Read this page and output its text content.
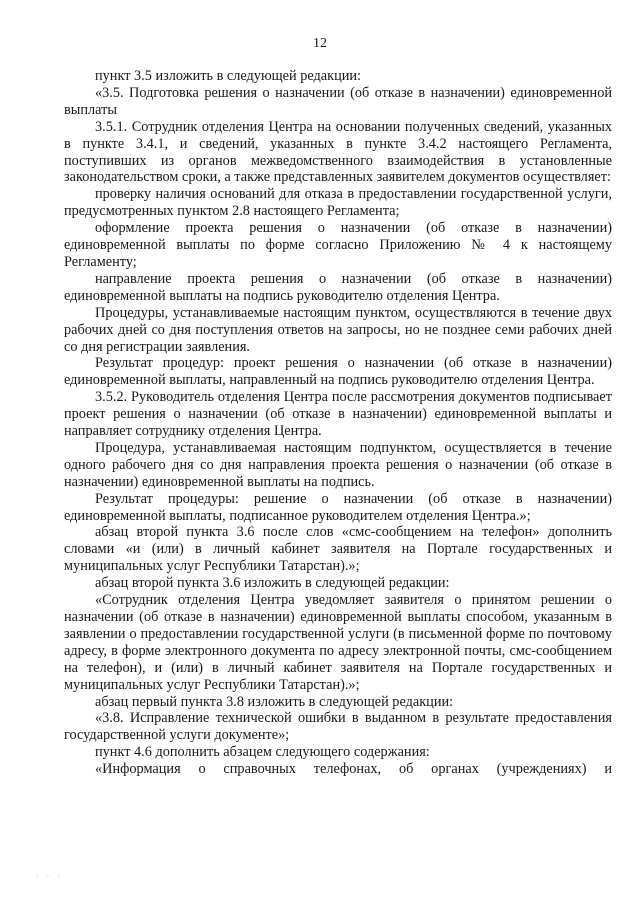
12

пункт 3.5 изложить в следующей редакции:

«3.5. Подготовка решения о назначении (об отказе в назначении) единовременной выплаты

3.5.1. Сотрудник отделения Центра на основании полученных сведений, указанных в пункте 3.4.1, и сведений, указанных в пункте 3.4.2 настоящего Регламента, поступивших из органов межведомственного взаимодействия в установленные законодательством сроки, а также представленных заявителем документов осуществляет:

проверку наличия оснований для отказа в предоставлении государственной услуги, предусмотренных пунктом 2.8 настоящего Регламента;

оформление проекта решения о назначении (об отказе в назначении) единовременной выплаты по форме согласно Приложению № 4 к настоящему Регламенту;

направление проекта решения о назначении (об отказе в назначении) единовременной выплаты на подпись руководителю отделения Центра.

Процедуры, устанавливаемые настоящим пунктом, осуществляются в течение двух рабочих дней со дня поступления ответов на запросы, но не позднее семи рабочих дней со дня регистрации заявления.

Результат процедур: проект решения о назначении (об отказе в назначении) единовременной выплаты, направленный на подпись руководителю отделения Центра.

3.5.2. Руководитель отделения Центра после рассмотрения документов подписывает проект решения о назначении (об отказе в назначении) единовременной выплаты и направляет сотруднику отделения Центра.

Процедура, устанавливаемая настоящим подпунктом, осуществляется в течение одного рабочего дня со дня направления проекта решения о назначении (об отказе в назначении) единовременной выплаты на подпись.

Результат процедуры: решение о назначении (об отказе в назначении) единовременной выплаты, подписанное руководителем отделения Центра.»;

абзац второй пункта 3.6 после слов «смс-сообщением на телефон» дополнить словами «и (или) в личный кабинет заявителя на Портале государственных и муниципальных услуг Республики Татарстан).»;

абзац второй пункта 3.6 изложить в следующей редакции:

«Сотрудник отделения Центра уведомляет заявителя о принятом решении о назначении (об отказе в назначении) единовременной выплаты способом, указанным в заявлении о предоставлении государственной услуги (в письменной форме по почтовому адресу, в форме электронного документа по адресу электронной почты, смс-сообщением на телефон), и (или) в личный кабинет заявителя на Портале государственных и муниципальных услуг Республики Татарстан).»;

абзац первый пункта 3.8 изложить в следующей редакции:

«3.8. Исправление технической ошибки в выданном в результате предоставления государственной услуги документе»;

пункт 4.6 дополнить абзацем следующего содержания:

«Информация о справочных телефонах, об органах (учреждениях) и

· · ·
